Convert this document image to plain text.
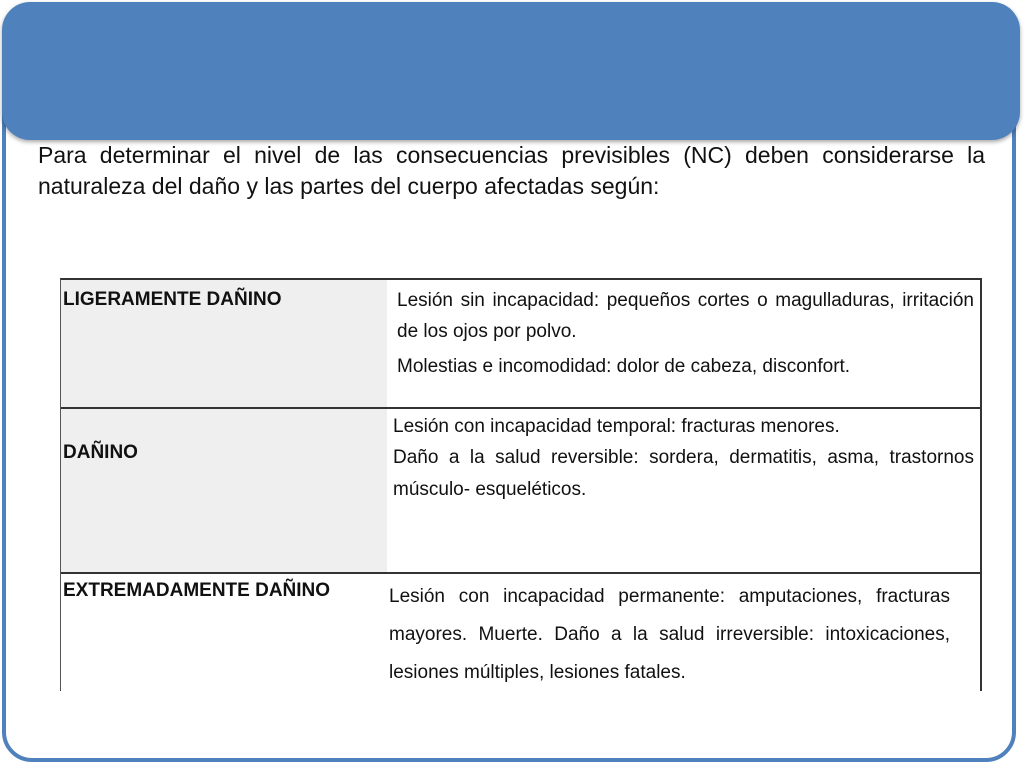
Para determinar el nivel de las consecuencias previsibles (NC) deben considerarse la naturaleza del daño y las partes del cuerpo afectadas según:

LIGERAMENTE DAÑINO	Lesión sin incapacidad: pequeños cortes o magulladuras, irritación de los ojos por polvo.

Molestias e incomodidad: dolor de cabeza, disconfort.

DAÑINO

Lesión con incapacidad temporal: fracturas menores.

Daño a la salud reversible: sordera, dermatitis, asma, trastornos músculo- esqueléticos.

EXTREMADAMENTE DAÑINO	Lesión con incapacidad permanente: amputaciones, fracturas mayores. Muerte. Daño a la salud irreversible: intoxicaciones, lesiones múltiples, lesiones fatales.
